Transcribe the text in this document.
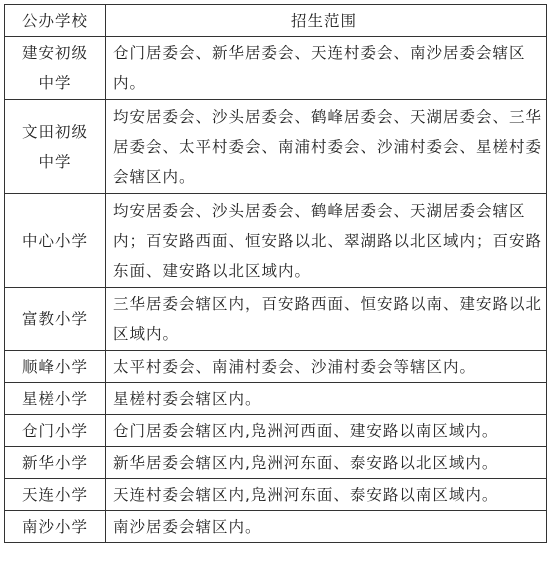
公办学校	招生范围
建安初级中学	仓门居委会、新华居委会、天连村委会、南沙居委会辖区内。
文田初级中学	均安居委会、沙头居委会、鹤峰居委会、天湖居委会、三华居委会、太平村委会、南浦村委会、沙浦村委会、星槎村委会辖区内。
中心小学	均安居委会、沙头居委会、鹤峰居委会、天湖居委会辖区内；百安路西面、恒安路以北、翠湖路以北区域内；百安路东面、建安路以北区域内。
富教小学	三华居委会辖区内，百安路西面、恒安路以南、建安路以北区域内。
顺峰小学	太平村委会、南浦村委会、沙浦村委会等辖区内。
星槎小学	星槎村委会辖区内。
仓门小学	仓门居委会辖区内,凫洲河西面、建安路以南区域内。
新华小学	新华居委会辖区内,凫洲河东面、泰安路以北区域内。
天连小学	天连村委会辖区内,凫洲河东面、泰安路以南区域内。
南沙小学	南沙居委会辖区内。
